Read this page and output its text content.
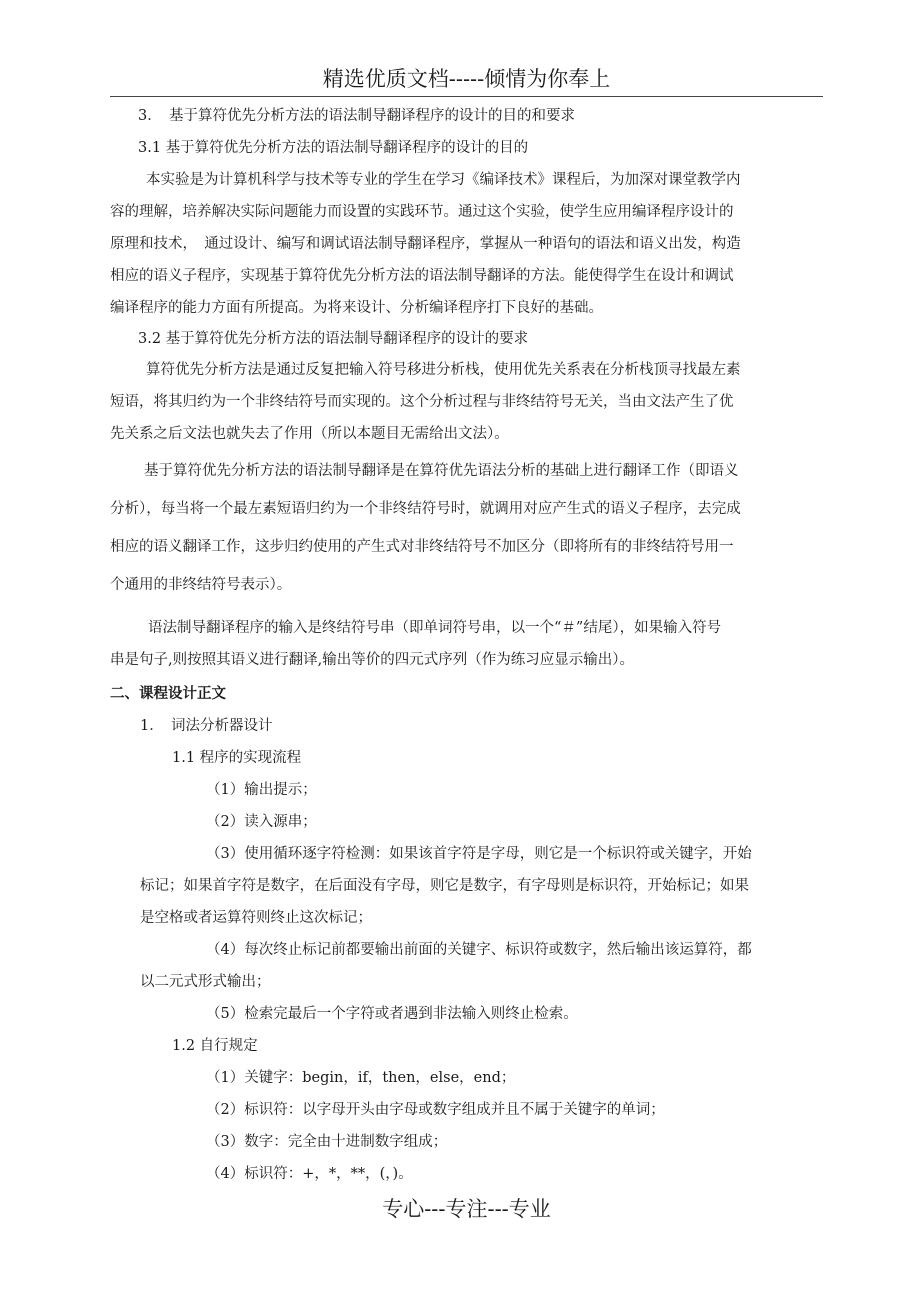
精选优质文档-----倾情为你奉上
3．　基于算符优先分析方法的语法制导翻译程序的设计的目的和要求
3.1 基于算符优先分析方法的语法制导翻译程序的设计的目的
本实验是为计算机科学与技术等专业的学生在学习《编译技术》课程后，为加深对课堂教学内
容的理解，培养解决实际问题能力而设置的实践环节。通过这个实验，使学生应用编译程序设计的
原理和技术，　通过设计、编写和调试语法制导翻译程序，掌握从一种语句的语法和语义出发，构造
相应的语义子程序，实现基于算符优先分析方法的语法制导翻译的方法。能使得学生在设计和调试
编译程序的能力方面有所提高。为将来设计、分析编译程序打下良好的基础。
3.2 基于算符优先分析方法的语法制导翻译程序的设计的要求
算符优先分析方法是通过反复把输入符号移进分析栈，使用优先关系表在分析栈顶寻找最左素
短语，将其归约为一个非终结符号而实现的。这个分析过程与非终结符号无关，当由文法产生了优
先关系之后文法也就失去了作用（所以本题目无需给出文法）。
基于算符优先分析方法的语法制导翻译是在算符优先语法分析的基础上进行翻译工作（即语义
分析），每当将一个最左素短语归约为一个非终结符号时，就调用对应产生式的语义子程序，去完成
相应的语义翻译工作，这步归约使用的产生式对非终结符号不加区分（即将所有的非终结符号用一
个通用的非终结符号表示）。
语法制导翻译程序的输入是终结符号串（即单词符号串，以一个“＃”结尾），如果输入符号
串是句子,则按照其语义进行翻译,输出等价的四元式序列（作为练习应显示输出）。
二、课程设计正文
1．　词法分析器设计
1.1 程序的实现流程
（1）输出提示；
（2）读入源串；
（3）使用循环逐字符检测：如果该首字符是字母，则它是一个标识符或关键字，开始
标记；如果首字符是数字，在后面没有字母，则它是数字，有字母则是标识符，开始标记；如果
是空格或者运算符则终止这次标记；
（4）每次终止标记前都要输出前面的关键字、标识符或数字，然后输出该运算符，都
以二元式形式输出；
（5）检索完最后一个字符或者遇到非法输入则终止检索。
1.2 自行规定
（1）关键字：begin，if，then，else，end；
（2）标识符：以字母开头由字母或数字组成并且不属于关键字的单词；
（3）数字：完全由十进制数字组成；
（4）标识符：+，*，**，(，)。
专心---专注---专业
